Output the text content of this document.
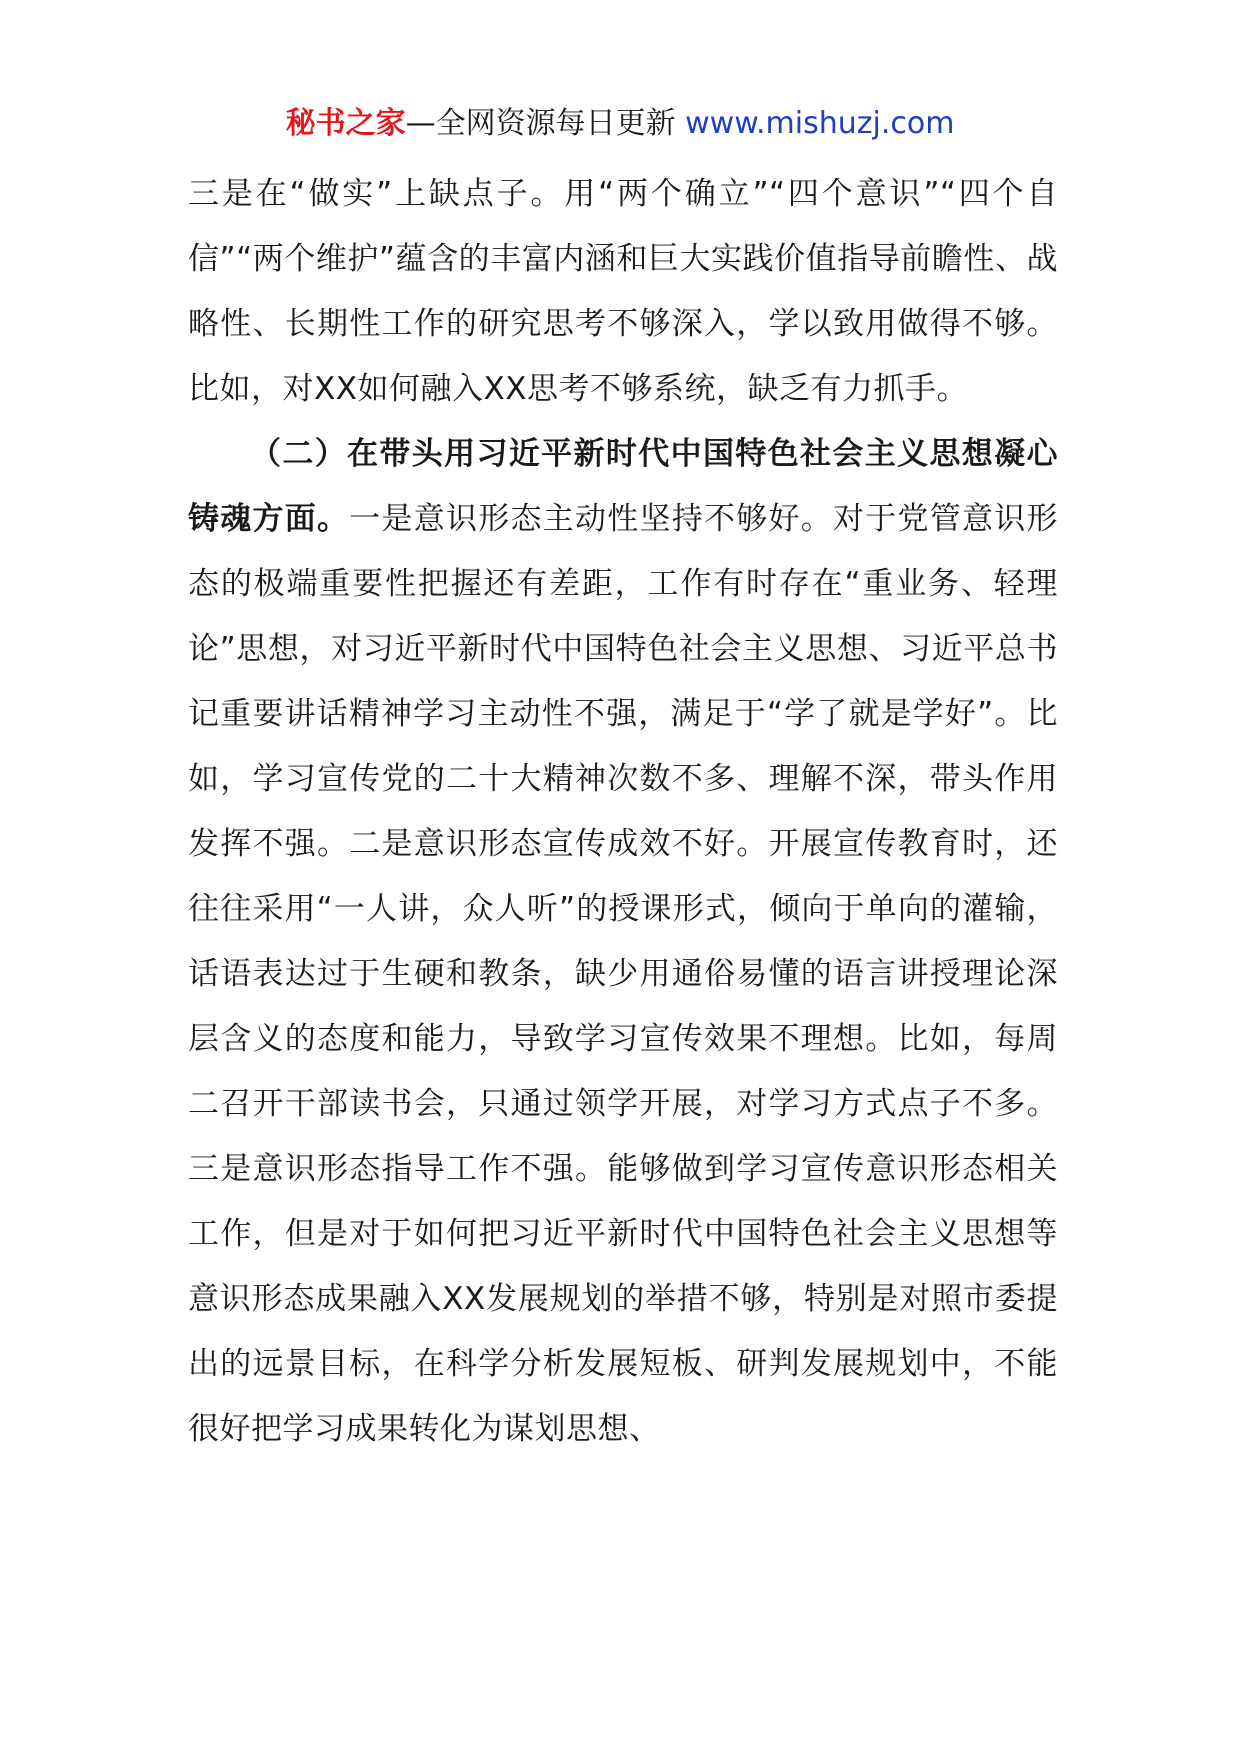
秘书之家—全网资源每日更新 www.mishuzj.com

三是在“做实”上缺点子。用“两个确立”“四个意识”“四个自信”“两个维护”蕴含的丰富内涵和巨大实践价值指导前瞻性、战略性、长期性工作的研究思考不够深入，学以致用做得不够。比如，对XX如何融入XX思考不够系统，缺乏有力抓手。

（二）在带头用习近平新时代中国特色社会主义思想凝心铸魂方面。一是意识形态主动性坚持不够好。对于党管意识形态的极端重要性把握还有差距，工作有时存在“重业务、轻理论”思想，对习近平新时代中国特色社会主义思想、习近平总书记重要讲话精神学习主动性不强，满足于“学了就是学好”。比如，学习宣传党的二十大精神次数不多、理解不深，带头作用发挥不强。二是意识形态宣传成效不好。开展宣传教育时，还往往采用“一人讲，众人听”的授课形式，倾向于单向的灌输，话语表达过于生硬和教条，缺少用通俗易懂的语言讲授理论深层含义的态度和能力，导致学习宣传效果不理想。比如，每周二召开干部读书会，只通过领学开展，对学习方式点子不多。三是意识形态指导工作不强。能够做到学习宣传意识形态相关工作，但是对于如何把习近平新时代中国特色社会主义思想等意识形态成果融入XX发展规划的举措不够，特别是对照市委提出的远景目标，在科学分析发展短板、研判发展规划中，不能很好把学习成果转化为谋划思想、
